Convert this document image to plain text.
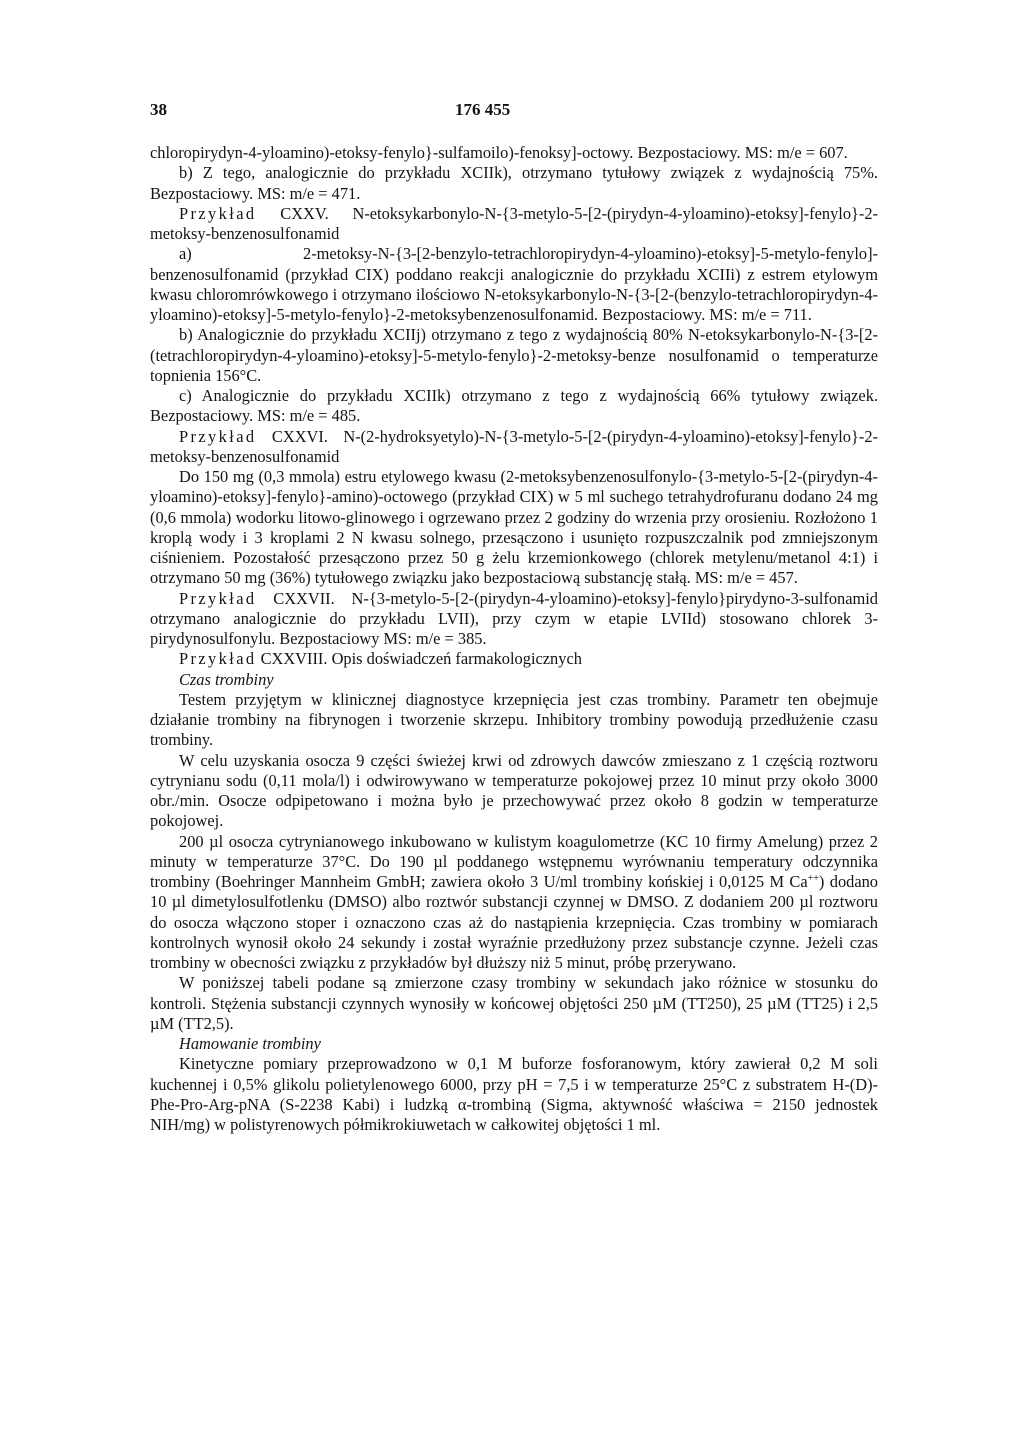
38	176 455

chloropirydyn-4-yloamino)-etoksy-fenylo}-sulfamoilo)-fenoksy]-octowy. Bezpostaciowy. MS: m/e = 607.

b) Z tego, analogicznie do przykładu XCIIk), otrzymano tytułowy związek z wydajnością 75%. Bezpostaciowy. MS: m/e = 471.

Przykład CXXV. N-etoksykarbonylo-N-{3-metylo-5-[2-(pirydyn-4-yloamino)-etoksy]-fenylo}-2-metoksy-benzenosulfonamid

a) 2-metoksy-N-{3-[2-benzylo-tetrachloropirydyn-4-yloamino)-etoksy]-5-metylo-fenylo]-benzenosulfonamid (przykład CIX) poddano reakcji analogicznie do przykładu XCIIi) z estrem etylowym kwasu chloromrówkowego i otrzymano ilościowo N-etoksykarbonylo-N-{3-[2-(benzylo-tetrachloropirydyn-4-yloamino)-etoksy]-5-metylo-fenylo}-2-metoksybenzenosulfonamid. Bezpostaciowy. MS: m/e = 711.

b) Analogicznie do przykładu XCIIj) otrzymano z tego z wydajnością 80% N-etoksykarbonylo-N-{3-[2-(tetrachloropirydyn-4-yloamino)-etoksy]-5-metylo-fenylo}-2-metoksy-benze nosulfonamid o temperaturze topnienia 156°C.

c) Analogicznie do przykładu XCIIk) otrzymano z tego z wydajnością 66% tytułowy związek. Bezpostaciowy. MS: m/e = 485.

Przykład CXXVI. N-(2-hydroksyetylo)-N-{3-metylo-5-[2-(pirydyn-4-yloamino)-etoksy]-fenylo}-2-metoksy-benzenosulfonamid

Do 150 mg (0,3 mmola) estru etylowego kwasu (2-metoksybenzenosulfonylo-{3-metylo-5-[2-(pirydyn-4-yloamino)-etoksy]-fenylo}-amino)-octowego (przykład CIX) w 5 ml suchego tetrahydrofuranu dodano 24 mg (0,6 mmola) wodorku litowo-glinowego i ogrzewano przez 2 godziny do wrzenia przy orosieniu. Rozłożono 1 kroplą wody i 3 kroplami 2 N kwasu solnego, przesączono i usunięto rozpuszczalnik pod zmniejszonym ciśnieniem. Pozostałość przesączono przez 50 g żelu krzemionkowego (chlorek metylenu/metanol 4:1) i otrzymano 50 mg (36%) tytułowego związku jako bezpostaciową substancję stałą. MS: m/e = 457.

Przykład CXXVII. N-{3-metylo-5-[2-(pirydyn-4-yloamino)-etoksy]-fenylo}pirydyno-3-sulfonamid otrzymano analogicznie do przykładu LVII), przy czym w etapie LVIId) stosowano chlorek 3-pirydynosulfonylu. Bezpostaciowy MS: m/e = 385.

Przykład CXXVIII. Opis doświadczeń farmakologicznych

Czas trombiny

Testem przyjętym w klinicznej diagnostyce krzepnięcia jest czas trombiny. Parametr ten obejmuje działanie trombiny na fibrynogen i tworzenie skrzepu. Inhibitory trombiny powodują przedłużenie czasu trombiny.

W celu uzyskania osocza 9 części świeżej krwi od zdrowych dawców zmieszano z 1 częścią roztworu cytrynianu sodu (0,11 mola/l) i odwirowywano w temperaturze pokojowej przez 10 minut przy około 3000 obr./min. Osocze odpipetowano i można było je przechowywać przez około 8 godzin w temperaturze pokojowej.

200 µl osocza cytrynianowego inkubowano w kulistym koagulometrze (KC 10 firmy Amelung) przez 2 minuty w temperaturze 37°C. Do 190 µl poddanego wstępnemu wyrównaniu temperatury odczynnika trombiny (Boehringer Mannheim GmbH; zawiera około 3 U/ml trombiny końskiej i 0,0125 M Ca++) dodano 10 µl dimetylosulfotlenku (DMSO) albo roztwór substancji czynnej w DMSO. Z dodaniem 200 µl roztworu do osocza włączono stoper i oznaczono czas aż do nastąpienia krzepnięcia. Czas trombiny w pomiarach kontrolnych wynosił około 24 sekundy i został wyraźnie przedłużony przez substancje czynne. Jeżeli czas trombiny w obecności związku z przykładów był dłuższy niż 5 minut, próbę przerywano.

W poniższej tabeli podane są zmierzone czasy trombiny w sekundach jako różnice w stosunku do kontroli. Stężenia substancji czynnych wynosiły w końcowej objętości 250 µM (TT250), 25 µM (TT25) i 2,5 µM (TT2,5).

Hamowanie trombiny

Kinetyczne pomiary przeprowadzono w 0,1 M buforze fosforanowym, który zawierał 0,2 M soli kuchennej i 0,5% glikolu polietylenowego 6000, przy pH = 7,5 i w temperaturze 25°C z substratem H-(D)-Phe-Pro-Arg-pNA (S-2238 Kabi) i ludzką α-trombiną (Sigma, aktywność właściwa = 2150 jednostek NIH/mg) w polistyrenowych półmikrokiuwetach w całkowitej objętości 1 ml.
